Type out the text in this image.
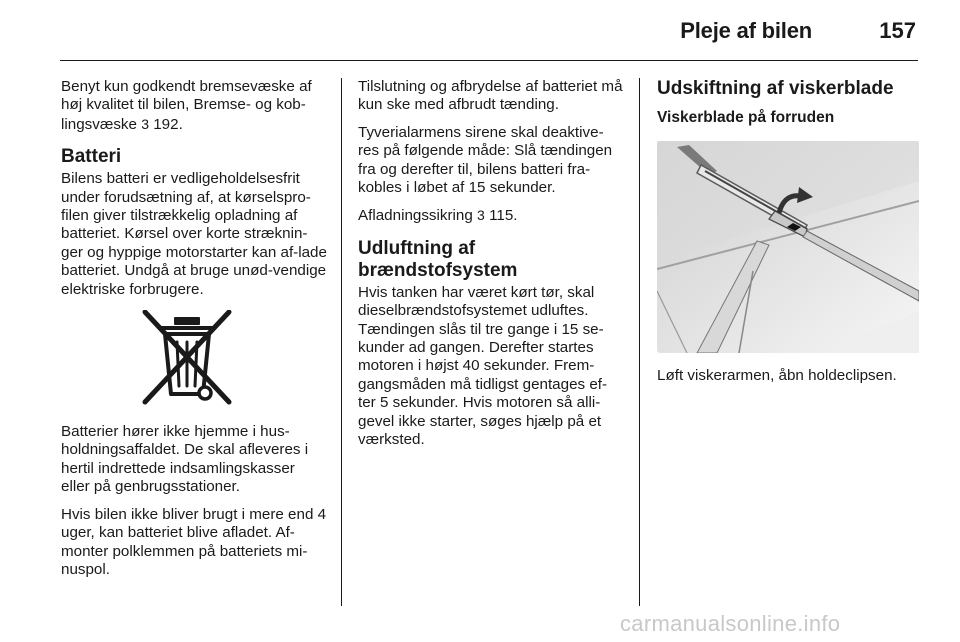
Pleje af bilen	157

Benyt kun godkendt bremsevæske af høj kvalitet til bilen, Bremse- og kob-lingsvæske 3 192.

Batteri

Bilens batteri er vedligeholdelsesfrit under forudsætning af, at kørselspro-filen giver tilstrækkelig opladning af batteriet. Kørsel over korte stræknin-ger og hyppige motorstarter kan af-lade batteriet. Undgå at bruge unød-vendige elektriske forbrugere.

Batterier hører ikke hjemme i hus-holdningsaffaldet. De skal afleveres i hertil indrettede indsamlingskasser eller på genbrugsstationer.

Hvis bilen ikke bliver brugt i mere end 4 uger, kan batteriet blive afladet. Af-monter polklemmen på batteriets mi-nuspol.

Tilslutning og afbrydelse af batteriet må kun ske med afbrudt tænding.

Tyverialarmens sirene skal deaktive-res på følgende måde: Slå tændingen fra og derefter til, bilens batteri fra-kobles i løbet af 15 sekunder.

Afladningssikring 3 115.

Udluftning af brændstofsystem

Hvis tanken har været kørt tør, skal dieselbrændstofsystemet udluftes. Tændingen slås til tre gange i 15 se-kunder ad gangen. Derefter startes motoren i højst 40 sekunder. Frem-gangsmåden må tidligst gentages ef-ter 5 sekunder. Hvis motoren så alli-gevel ikke starter, søges hjælp på et værksted.

Udskiftning af viskerblade
Viskerblade på forruden

Løft viskerarmen, åbn holdeclipsen.

carmanualsonline.info
